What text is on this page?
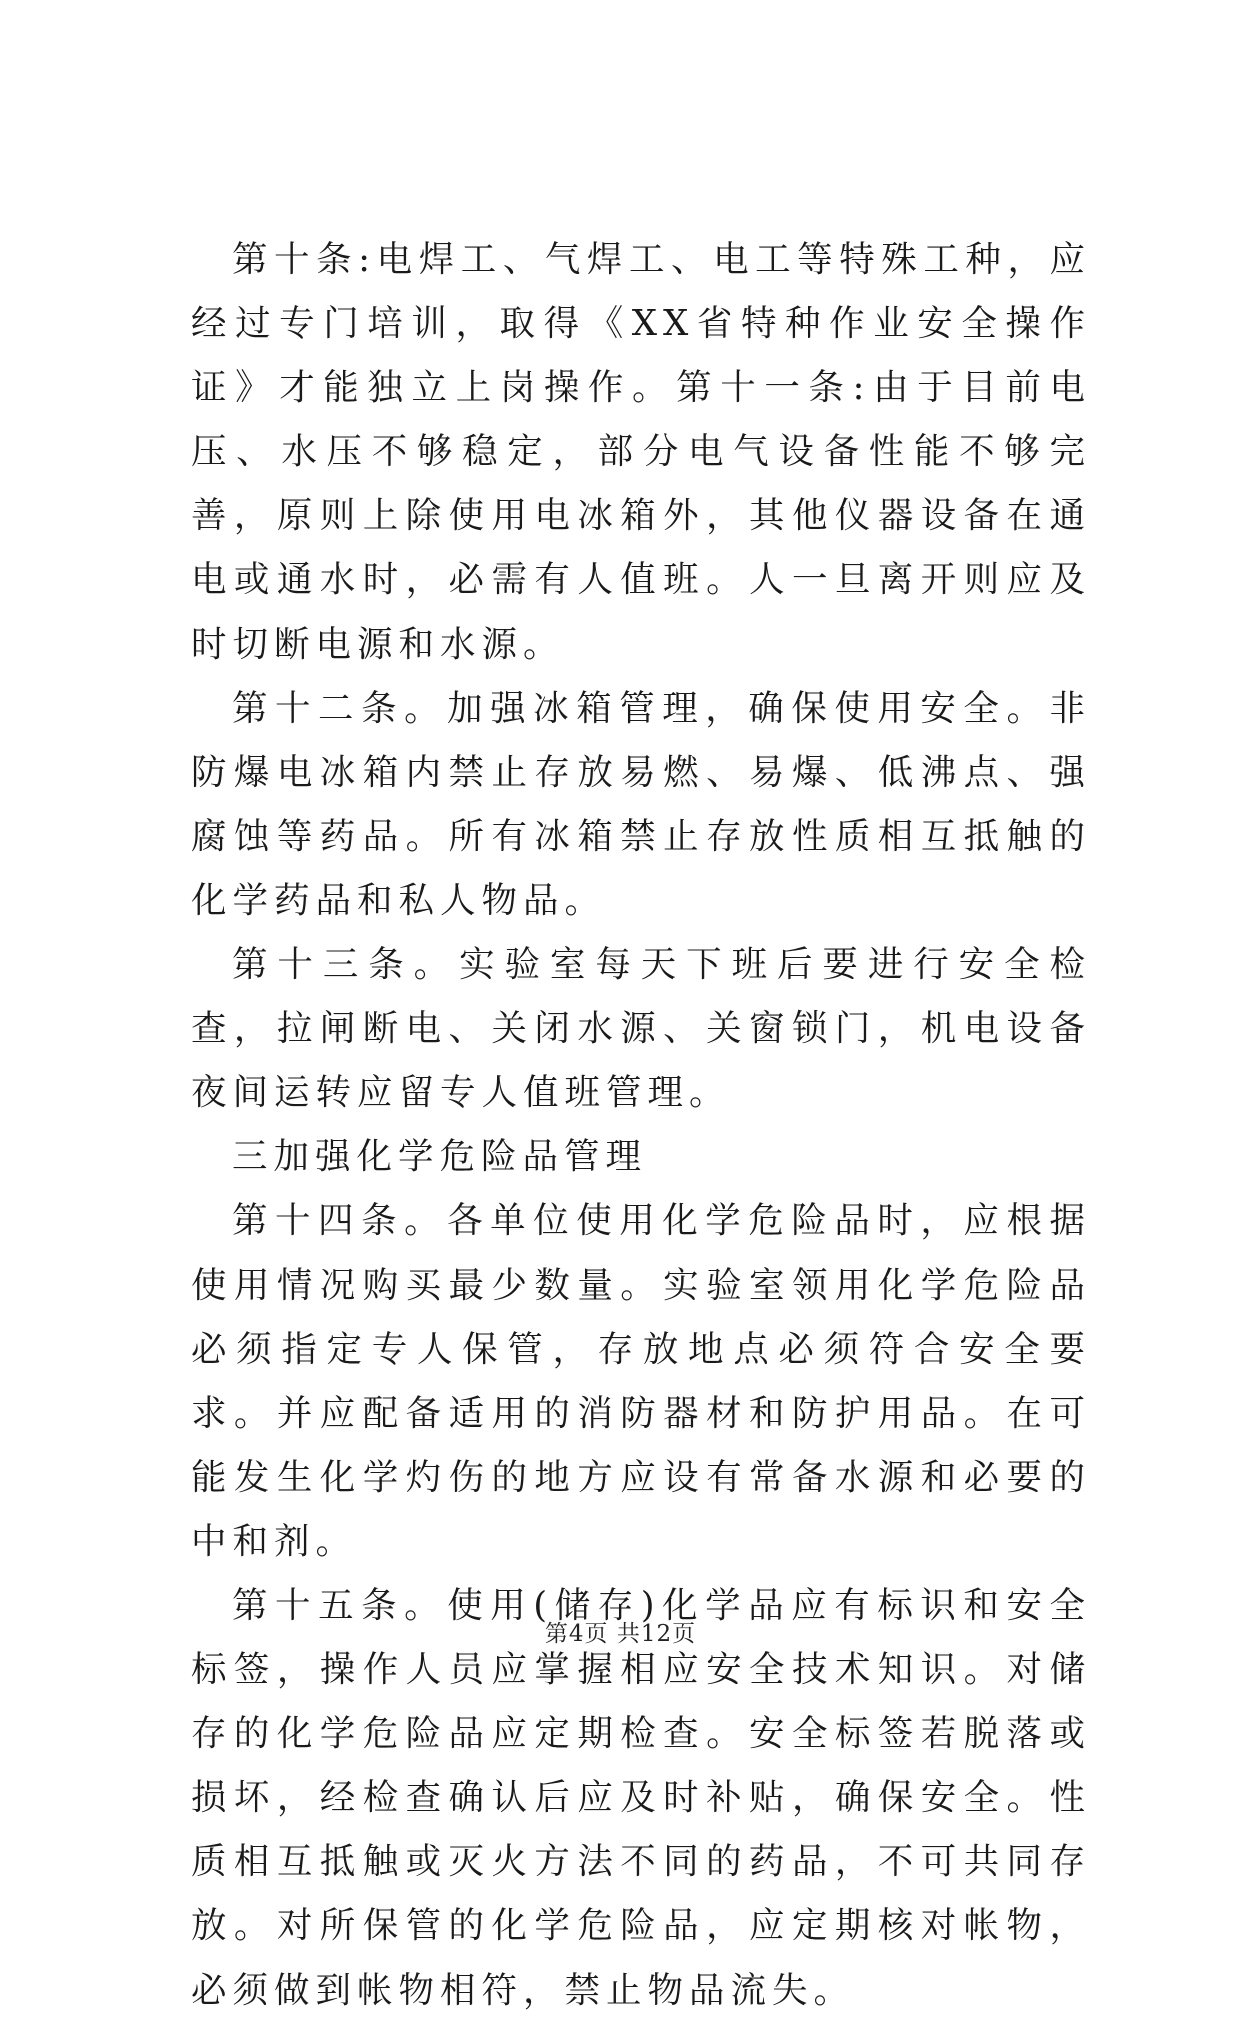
第十条:电焊工、气焊工、电工等特殊工种，应经过专门培训，取得《XX省特种作业安全操作证》才能独立上岗操作。第十一条:由于目前电压、水压不够稳定，部分电气设备性能不够完善，原则上除使用电冰箱外，其他仪器设备在通电或通水时，必需有人值班。人一旦离开则应及时切断电源和水源。

第十二条。加强冰箱管理，确保使用安全。非防爆电冰箱内禁止存放易燃、易爆、低沸点、强腐蚀等药品。所有冰箱禁止存放性质相互抵触的化学药品和私人物品。

第十三条。实验室每天下班后要进行安全检查，拉闸断电、关闭水源、关窗锁门，机电设备夜间运转应留专人值班管理。

三加强化学危险品管理

第十四条。各单位使用化学危险品时，应根据使用情况购买最少数量。实验室领用化学危险品必须指定专人保管，存放地点必须符合安全要求。并应配备适用的消防器材和防护用品。在可能发生化学灼伤的地方应设有常备水源和必要的中和剂。

第十五条。使用(储存)化学品应有标识和安全标签，操作人员应掌握相应安全技术知识。对储存的化学危险品应定期检查。安全标签若脱落或损坏，经检查确认后应及时补贴，确保安全。性质相互抵触或灭火方法不同的药品，不可共同存放。对所保管的化学危险品，应定期核对帐物，必须做到帐物相符，禁止物品流失。

第4页 共12页
